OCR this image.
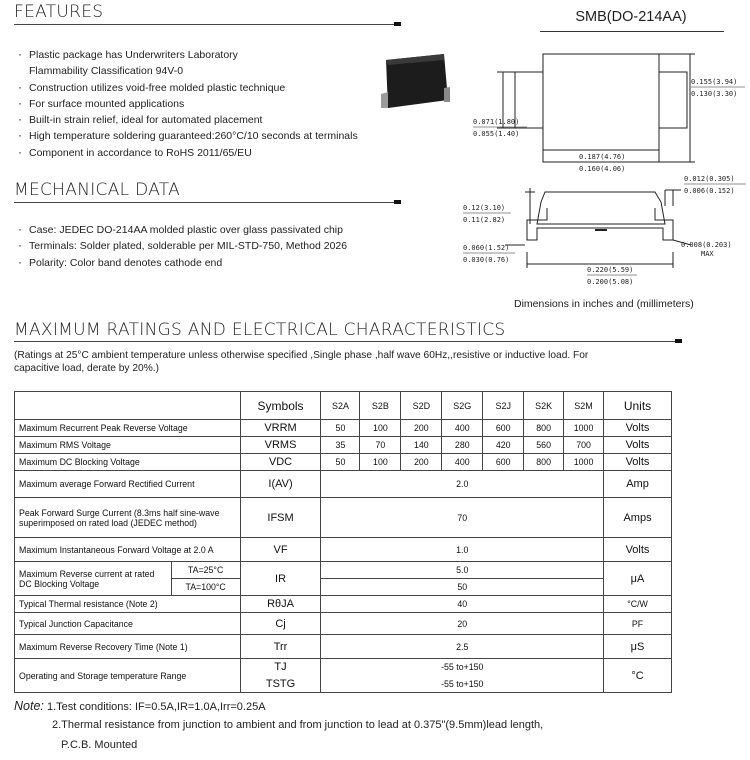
FEATURES
· Plastic package has Underwriters Laboratory
Flammability Classification 94V-0
· Construction utilizes void-free molded plastic technique
· For surface mounted applications
· Built-in strain relief, ideal for automated placement
· High temperature soldering guaranteed:260°C/10 seconds at terminals
· Component in accordance to RoHS 2011/65/EU
MECHANICAL DATA
· Case: JEDEC DO-214AA molded plastic over glass passivated chip
· Terminals: Solder plated, solderable per MIL-STD-750, Method 2026
· Polarity: Color band denotes cathode end
SMB(DO-214AA)
0.155(3.94)
0.130(3.30)
0.071(1.80)
0.055(1.40)
0.187(4.76)
0.160(4.06)
0.012(0.305)
0.006(0.152)
0.12(3.10)
0.11(2.82)
0.060(1.52)
0.030(0.76)
0.008(0.203)
MAX
0.220(5.59)
0.200(5.08)
Dimensions in inches and (millimeters)
MAXIMUM RATINGS AND ELECTRICAL CHARACTERISTICS
(Ratings at 25°C ambient temperature unless otherwise specified ,Single phase ,half wave 60Hz,,resistive or inductive load. For capacitive load, derate by 20%.)
		Symbols	S2A	S2B	S2D	S2G	S2J	S2K	S2M	Units
Maximum Recurrent Peak Reverse Voltage		VRRM	50	100	200	400	600	800	1000	Volts
Maximum RMS Voltage		VRMS	35	70	140	280	420	560	700	Volts
Maximum DC Blocking Voltage		VDC	50	100	200	400	600	800	1000	Volts
Maximum average Forward Rectified Current		I(AV)	2.0							Amp
Peak Forward Surge Current (8.3ms half sine-wave superimposed on rated load (JEDEC method)		IFSM	70							Amps
Maximum Instantaneous Forward Voltage at 2.0 A		VF	1.0							Volts
Maximum Reverse current at rated DC Blocking Voltage	TA=25°C	IR	5.0							μA
	TA=100°C		50							
Typical Thermal resistance (Note 2)		RθJA	40							°C/W
Typical Junction Capacitance		Cj	20							PF
Maximum Reverse Recovery Time (Note 1)		Trr	2.5							μS
Operating and Storage temperature Range		TJ	-55 to+150							°C
		TSTG	-55 to+150							
Note: 1.Test conditions: IF=0.5A,IR=1.0A,Irr=0.25A
2.Thermal resistance from junction to ambient and from junction to lead at 0.375"(9.5mm)lead length,
P.C.B. Mounted
